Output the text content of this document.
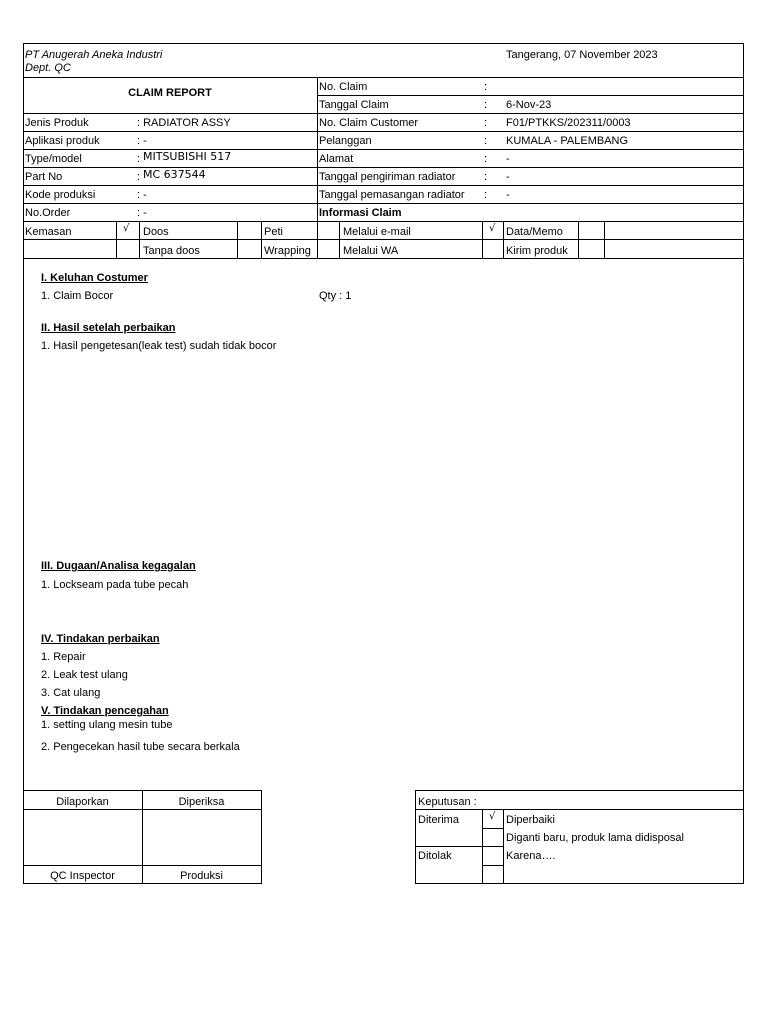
PT Anugerah Aneka Industri
Dept. QC
Tangerang, 07 November 2023
CLAIM REPORT	No. Claim	:
Tanggal Claim	: 6-Nov-23
No. Claim Customer	: F01/PTKKS/202311/0003
Pelanggan	: KUMALA - PALEMBANG
Alamat	: -
Tanggal pengiriman radiator	: -
Tanggal pemasangan radiator : -
Informasi Claim
Jenis Produk	: RADIATOR ASSY
Aplikasi produk	: -
Type/model	: MITSUBISHI 517
Part No	: MC 637544
Kode produksi	: -
No.Order	: -
Kemasan	√ Doos	Peti	Melalui e-mail	√ Data/Memo
Tanpa doos	Wrapping	Melalui WA	Kirim produk
I. Keluhan Costumer
1. Claim Bocor	Qty : 1
II. Hasil setelah perbaikan
1. Hasil pengetesan(leak test) sudah tidak bocor
III. Dugaan/Analisa kegagalan
1. Lockseam pada tube pecah
IV. Tindakan perbaikan
1. Repair
2. Leak test ulang
3. Cat ulang
V. Tindakan pencegahan
1. setting ulang mesin tube
2. Pengecekan hasil tube secara berkala
Dilaporkan	Diperiksa
QC Inspector	Produksi
Keputusan :
Diterima	√ Diperbaiki
Diganti baru, produk lama didisposal
Ditolak	Karena….
